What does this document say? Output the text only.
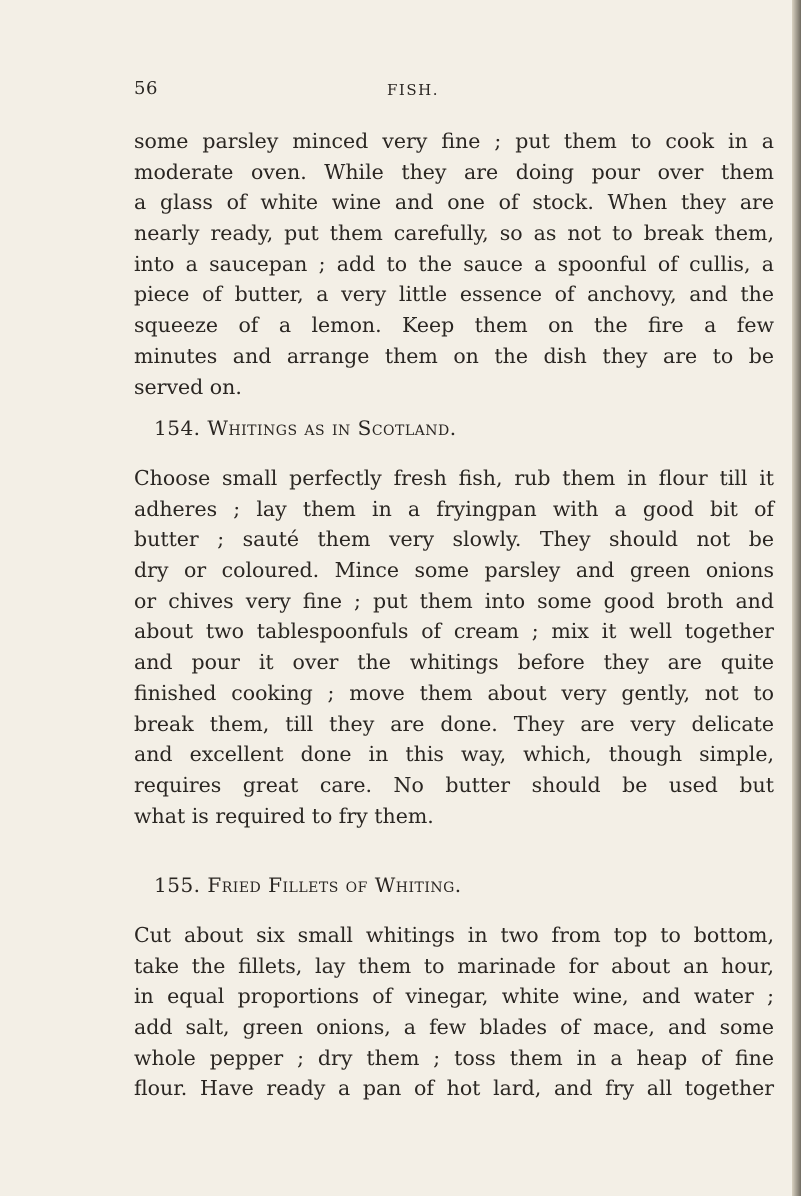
56	FISH.
some parsley minced very fine ; put them to cook in a
moderate oven. While they are doing pour over them
a glass of white wine and one of stock. When they are
nearly ready, put them carefully, so as not to break them,
into a saucepan ; add to the sauce a spoonful of cullis, a
piece of butter, a very little essence of anchovy, and the
squeeze of a lemon. Keep them on the fire a few
minutes and arrange them on the dish they are to be
served on.
154. Whitings as in Scotland.
Choose small perfectly fresh fish, rub them in flour till it
adheres ; lay them in a fryingpan with a good bit of
butter ; sauté them very slowly. They should not be
dry or coloured. Mince some parsley and green onions
or chives very fine ; put them into some good broth and
about two tablespoonfuls of cream ; mix it well together
and pour it over the whitings before they are quite
finished cooking ; move them about very gently, not to
break them, till they are done. They are very delicate
and excellent done in this way, which, though simple,
requires great care. No butter should be used but
what is required to fry them.
155. Fried Fillets of Whiting.
Cut about six small whitings in two from top to bottom,
take the fillets, lay them to marinade for about an hour,
in equal proportions of vinegar, white wine, and water ;
add salt, green onions, a few blades of mace, and some
whole pepper ; dry them ; toss them in a heap of fine
flour. Have ready a pan of hot lard, and fry all together
